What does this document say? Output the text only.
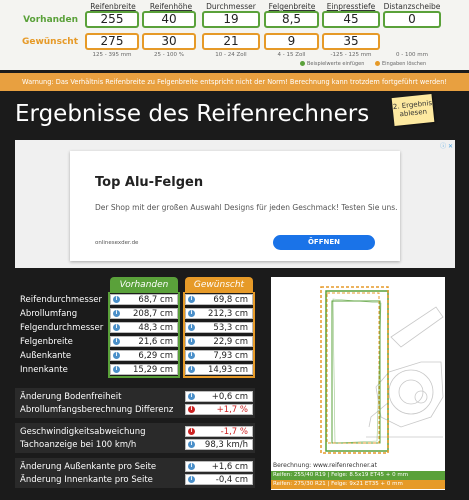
Reifenbreite	Reifenhöhe	Durchmesser	Felgenbreite	Einpresstiefe	Distanzscheibe
Vorhanden	255	40	19	8,5	45	0
Gewünscht	275	30	21	9	35
125 - 395 mm	25 - 100 %	10 - 24 Zoll	4 - 15 Zoll	-125 - 125 mm	0 - 100 mm
Beispielwerte einfügen	Eingaben löschen
Warnung: Das Verhältnis Reifenbreite zu Felgenbreite entspricht nicht der Norm! Berechnung kann trotzdem fortgeführt werden!
Ergebnisse des Reifenrechners	2. Ergebnis ablesen
ⓘ ✕
Top Alu-Felgen
Der Shop mit der großen Auswahl Designs für jeden Geschmack! Testen Sie uns.
onlinesexder.de	ÖFFNEN
Vorhanden	Gewünscht
Reifendurchmesser	i	68,7 cm	i	69,8 cm
Abrollumfang	i	208,7 cm	i	212,3 cm
Felgendurchmesser	i	48,3 cm	i	53,3 cm
Felgenbreite	i	21,6 cm	i	22,9 cm
Außenkante	i	6,29 cm	i	7,93 cm
Innenkante	i	15,29 cm	i	14,93 cm
Änderung Bodenfreiheit	i	+0,6 cm
Abrollumfangsberechnung Differenz	i	+1,7 %
Geschwindigkeitsabweichung	i	-1,7 %
Tachoanzeige bei 100 km/h	i	98,3 km/h
Änderung Außenkante pro Seite	i	+1,6 cm
Änderung Innenkante pro Seite	i	-0,4 cm
Berechnung: www.reifenrechner.at
Reifen: 255/40 R19 | Felge: 8.5x19 ET45 + 0 mm
Reifen: 275/30 R21 | Felge: 9x21 ET35 + 0 mm
